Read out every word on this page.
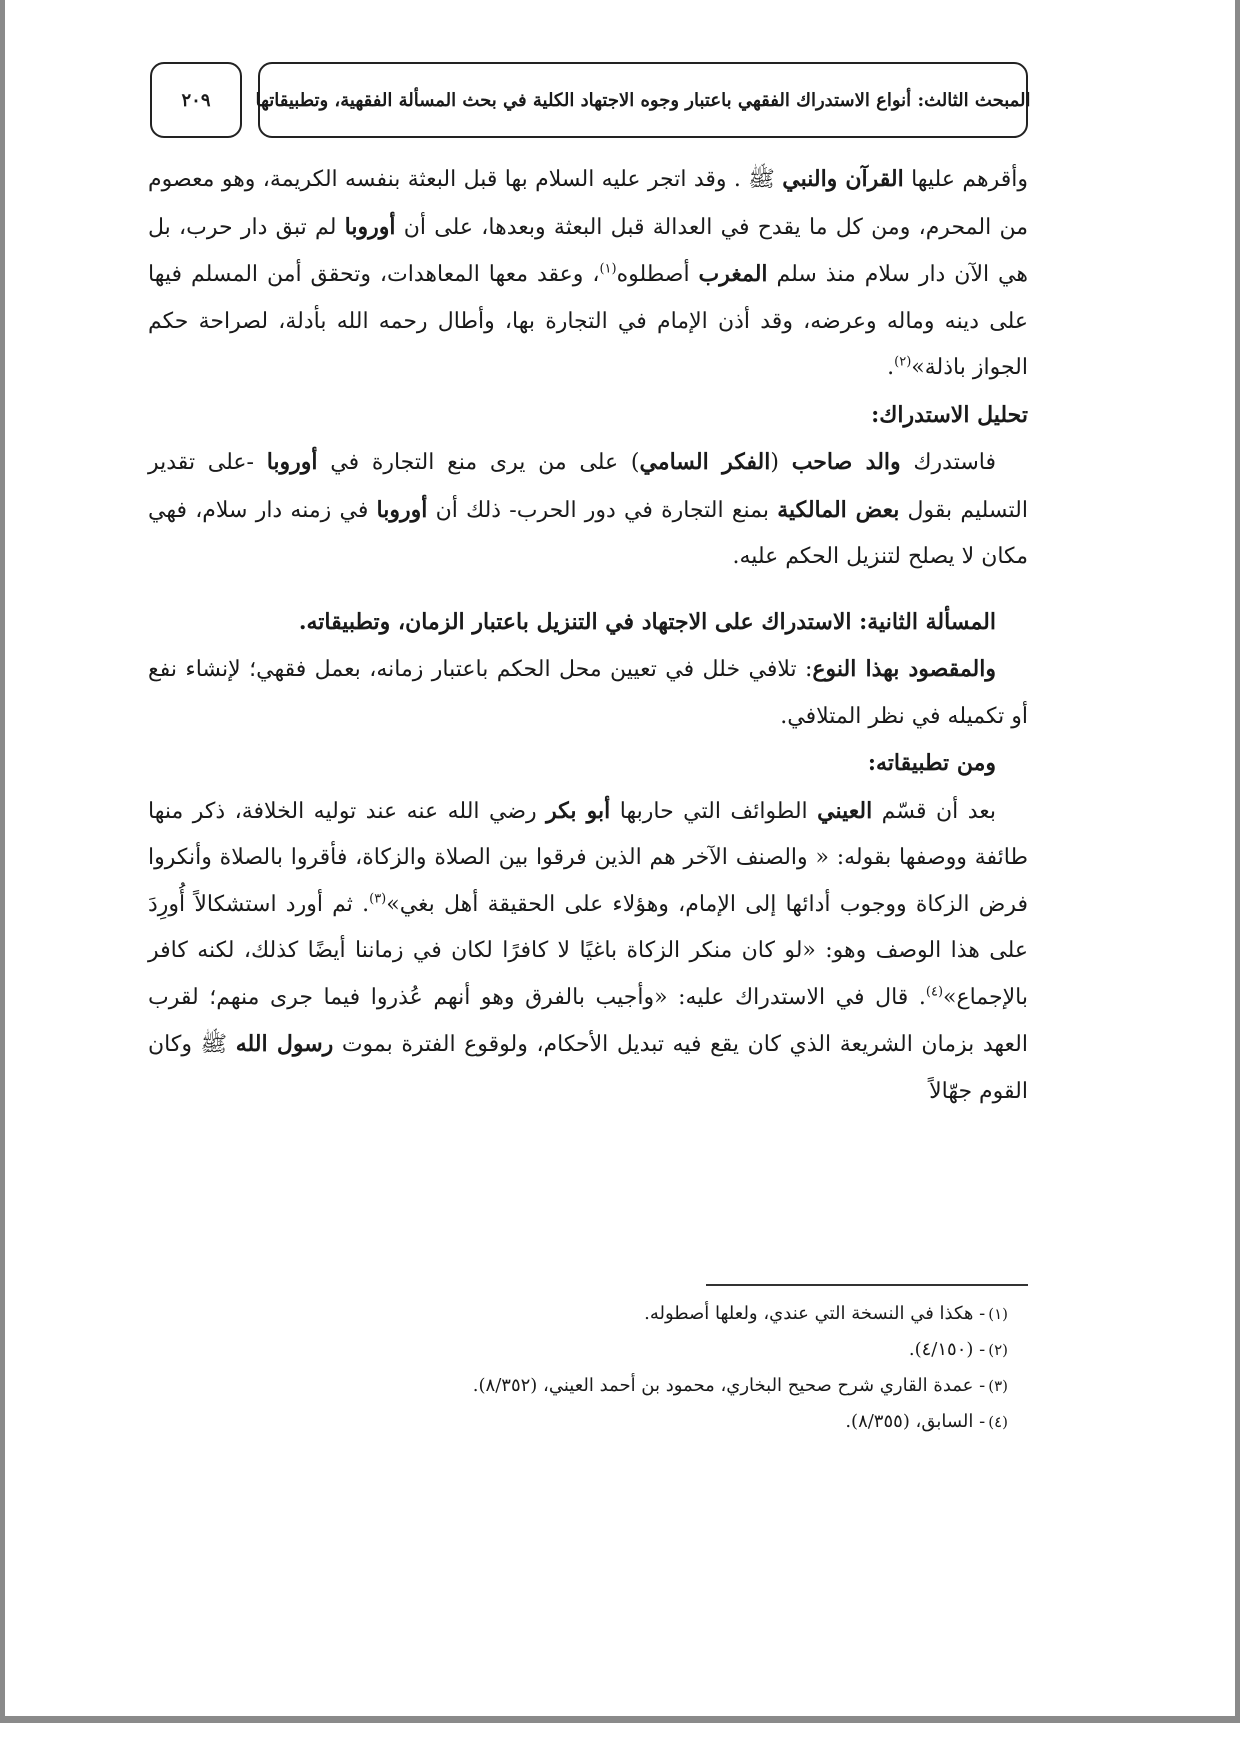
المبحث الثالث: أنواع الاستدراك الفقهي باعتبار وجوه الاجتهاد الكلية في بحث المسألة الفقهية، وتطبيقاتها
٢٠٩

وأقرهم عليها القرآن والنبي ﷺ . وقد اتجر عليه السلام بها قبل البعثة بنفسه الكريمة، وهو معصوم من المحرم، ومن كل ما يقدح في العدالة قبل البعثة وبعدها، على أن أوروبا لم تبق دار حرب، بل هي الآن دار سلام منذ سلم المغرب أصطلوه$^{(١)}$، وعقد معها المعاهدات، وتحقق أمن المسلم فيها على دينه وماله وعرضه، وقد أذن الإمام في التجارة بها، وأطال رحمه الله بأدلة، لصراحة حكم الجواز باذلة»$^{(٢)}$.

تحليل الاستدراك:

فاستدرك والد صاحب (الفكر السامي) على من يرى منع التجارة في أوروبا -على تقدير التسليم بقول بعض المالكية بمنع التجارة في دور الحرب- ذلك أن أوروبا في زمنه دار سلام، فهي مكان لا يصلح لتنزيل الحكم عليه.

المسألة الثانية: الاستدراك على الاجتهاد في التنزيل باعتبار الزمان، وتطبيقاته.

والمقصود بهذا النوع: تلافي خلل في تعيين محل الحكم باعتبار زمانه، بعمل فقهي؛ لإنشاء نفع أو تكميله في نظر المتلافي.

ومن تطبيقاته:

بعد أن قسّم العيني الطوائف التي حاربها أبو بكر رضي الله عنه عند توليه الخلافة، ذكر منها طائفة ووصفها بقوله: « والصنف الآخر هم الذين فرقوا بين الصلاة والزكاة، فأقروا بالصلاة وأنكروا فرض الزكاة ووجوب أدائها إلى الإمام، وهؤلاء على الحقيقة أهل بغي»$^{(٣)}$. ثم أورد استشكالاً أُورِدَ على هذا الوصف وهو: «لو كان منكر الزكاة باغيًا لا كافرًا لكان في زماننا أيضًا كذلك، لكنه كافر بالإجماع»$^{(٤)}$. قال في الاستدراك عليه: «وأجيب بالفرق وهو أنهم عُذروا فيما جرى منهم؛ لقرب العهد بزمان الشريعة الذي كان يقع فيه تبديل الأحكام، ولوقوع الفترة بموت رسول الله ﷺ وكان القوم جهّالاً

(١)- هكذا في النسخة التي عندي، ولعلها أصطوله.

(٢)- (٤/١٥٠).

(٣)- عمدة القاري شرح صحيح البخاري، محمود بن أحمد العيني، (٨/٣٥٢).

(٤)- السابق، (٨/٣٥٥).
